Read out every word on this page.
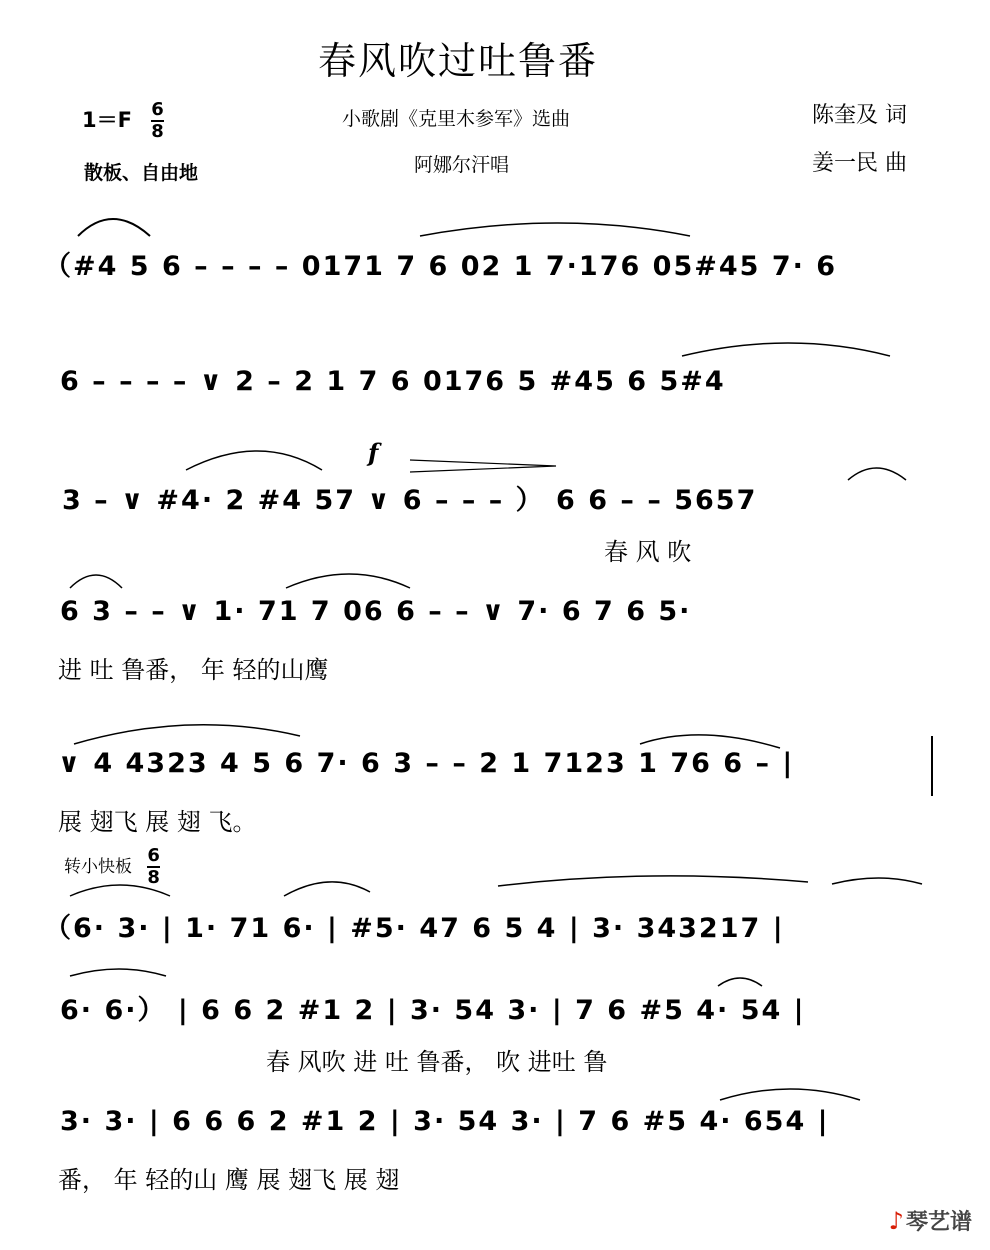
春风吹过吐鲁番
$1=F \frac{6}{8}$
散板、自由地
小歌剧《克里木参军》选曲
阿娜尔汗唱
陈奎及 词
姜一民 曲
f
转小快板 $\frac{6}{8}$
（#4 5 6 – – – – 0171 7 6 02 1 7·176 05#45 7· 6
6 – – – – ∨ 2 – 2 1 7 6 0176 5 #45 6 5#4
3 – ∨ #4· 2 #4 57 ∨ 6 – – – ） 6 6 – – 5657
春 风 吹
6 3 – – ∨ 1· 71 7 06 6 – – ∨ 7· 6 7 6 5·
进 吐 鲁番， 年 轻的山鹰
∨ 4 4323 4 5 6 7· 6 3 – – 2 1 7123 1 76 6 – |
展 翅飞 展 翅 飞。
（6· 3· | 1· 71 6· | #5· 47 6 5 4 | 3· 343217 |
6· 6·） | 6 6 2 #1 2 | 3· 54 3· | 7 6 #5 4· 54 |
春 风吹 进 吐 鲁番， 吹 进吐 鲁
3· 3· | 6 6 6 2 #1 2 | 3· 54 3· | 7 6 #5 4· 654 |
番， 年 轻的山 鹰 展 翅飞 展 翅
♪琴艺谱
